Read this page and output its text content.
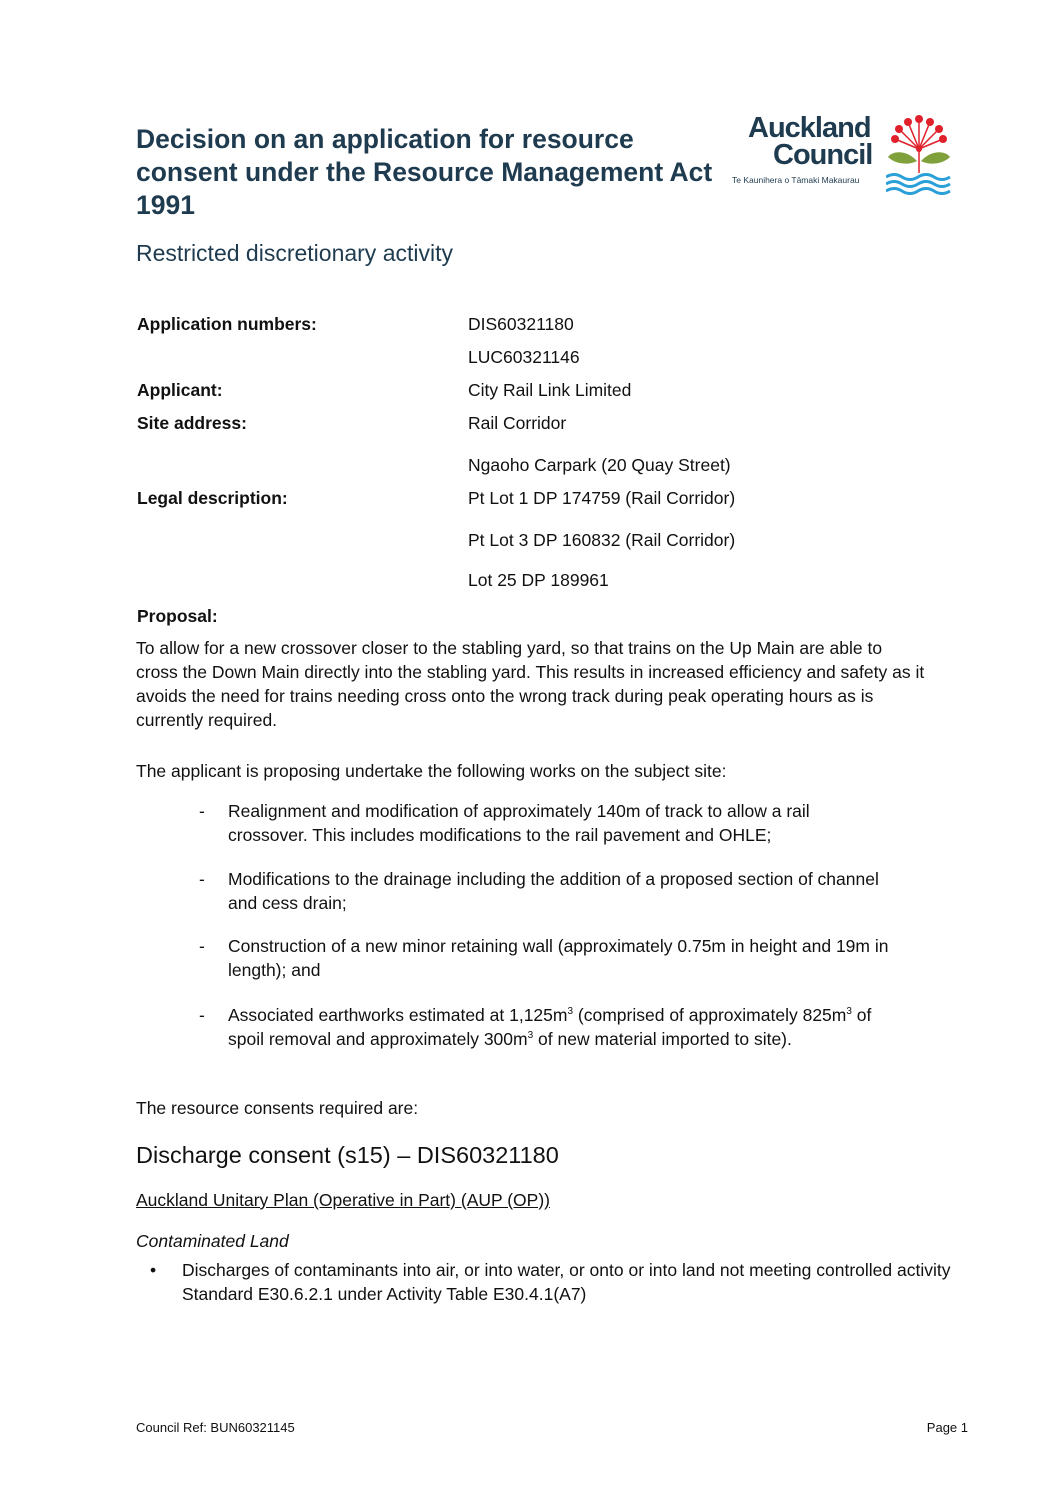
Decision on an application for resource consent under the Resource Management Act 1991
Restricted discretionary activity
Auckland
Council
Te Kaunihera o Tāmaki Makaurau
Application numbers:	DIS60321180
LUC60321146
Applicant:	City Rail Link Limited
Site address:	Rail Corridor
Ngaoho Carpark (20 Quay Street)
Legal description:	Pt Lot 1 DP 174759 (Rail Corridor)
Pt Lot 3 DP 160832 (Rail Corridor)
Lot 25 DP 189961
Proposal:
To allow for a new crossover closer to the stabling yard, so that trains on the Up Main are able to cross the Down Main directly into the stabling yard. This results in increased efficiency and safety as it avoids the need for trains needing cross onto the wrong track during peak operating hours as is currently required.
The applicant is proposing undertake the following works on the subject site:
- Realignment and modification of approximately 140m of track to allow a rail crossover. This includes modifications to the rail pavement and OHLE;
- Modifications to the drainage including the addition of a proposed section of channel and cess drain;
- Construction of a new minor retaining wall (approximately 0.75m in height and 19m in length); and
- Associated earthworks estimated at $1,125m^3$ (comprised of approximately $825m^3$ of spoil removal and approximately $300m^3$ of new material imported to site).
The resource consents required are:
Discharge consent (s15) – DIS60321180
Auckland Unitary Plan (Operative in Part) (AUP (OP))
Contaminated Land
• Discharges of contaminants into air, or into water, or onto or into land not meeting controlled activity Standard E30.6.2.1 under Activity Table E30.4.1(A7)
Council Ref: BUN60321145	Page 1
